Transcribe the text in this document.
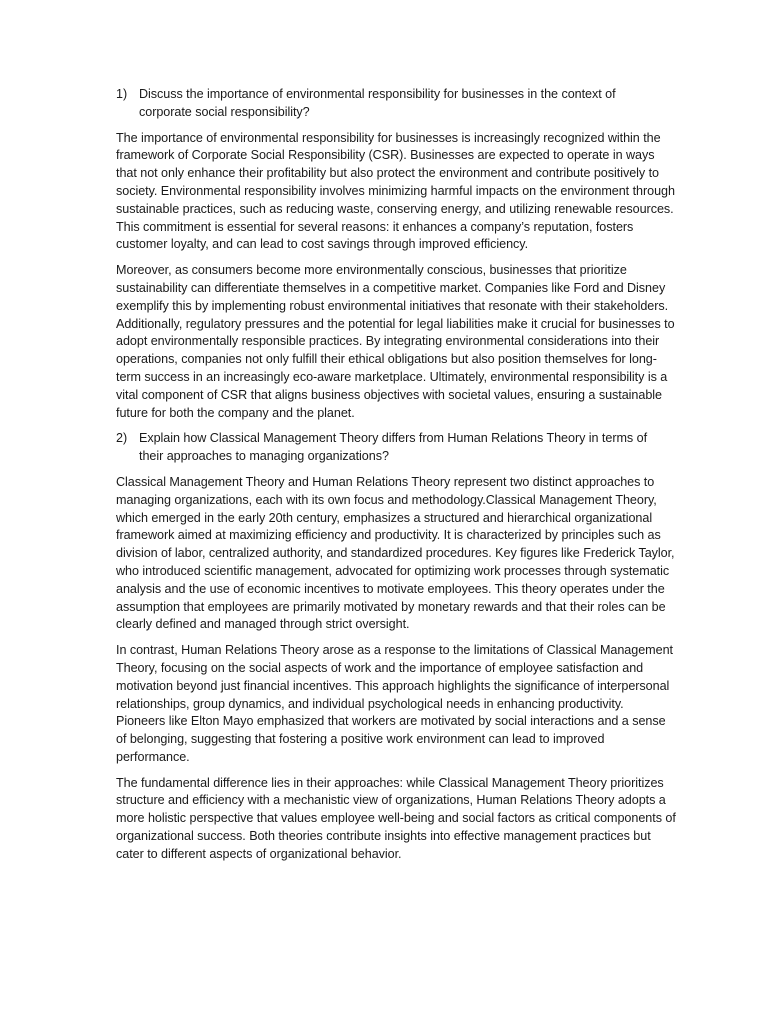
1) Discuss the importance of environmental responsibility for businesses in the context of corporate social responsibility?

The importance of environmental responsibility for businesses is increasingly recognized within the framework of Corporate Social Responsibility (CSR). Businesses are expected to operate in ways that not only enhance their profitability but also protect the environment and contribute positively to society. Environmental responsibility involves minimizing harmful impacts on the environment through sustainable practices, such as reducing waste, conserving energy, and utilizing renewable resources. This commitment is essential for several reasons: it enhances a company’s reputation, fosters customer loyalty, and can lead to cost savings through improved efficiency.

Moreover, as consumers become more environmentally conscious, businesses that prioritize sustainability can differentiate themselves in a competitive market. Companies like Ford and Disney exemplify this by implementing robust environmental initiatives that resonate with their stakeholders. Additionally, regulatory pressures and the potential for legal liabilities make it crucial for businesses to adopt environmentally responsible practices. By integrating environmental considerations into their operations, companies not only fulfill their ethical obligations but also position themselves for long-term success in an increasingly eco-aware marketplace. Ultimately, environmental responsibility is a vital component of CSR that aligns business objectives with societal values, ensuring a sustainable future for both the company and the planet.

2) Explain how Classical Management Theory differs from Human Relations Theory in terms of their approaches to managing organizations?

Classical Management Theory and Human Relations Theory represent two distinct approaches to managing organizations, each with its own focus and methodology.Classical Management Theory, which emerged in the early 20th century, emphasizes a structured and hierarchical organizational framework aimed at maximizing efficiency and productivity. It is characterized by principles such as division of labor, centralized authority, and standardized procedures. Key figures like Frederick Taylor, who introduced scientific management, advocated for optimizing work processes through systematic analysis and the use of economic incentives to motivate employees. This theory operates under the assumption that employees are primarily motivated by monetary rewards and that their roles can be clearly defined and managed through strict oversight.

In contrast, Human Relations Theory arose as a response to the limitations of Classical Management Theory, focusing on the social aspects of work and the importance of employee satisfaction and motivation beyond just financial incentives. This approach highlights the significance of interpersonal relationships, group dynamics, and individual psychological needs in enhancing productivity. Pioneers like Elton Mayo emphasized that workers are motivated by social interactions and a sense of belonging, suggesting that fostering a positive work environment can lead to improved performance.

The fundamental difference lies in their approaches: while Classical Management Theory prioritizes structure and efficiency with a mechanistic view of organizations, Human Relations Theory adopts a more holistic perspective that values employee well-being and social factors as critical components of organizational success. Both theories contribute insights into effective management practices but cater to different aspects of organizational behavior.
